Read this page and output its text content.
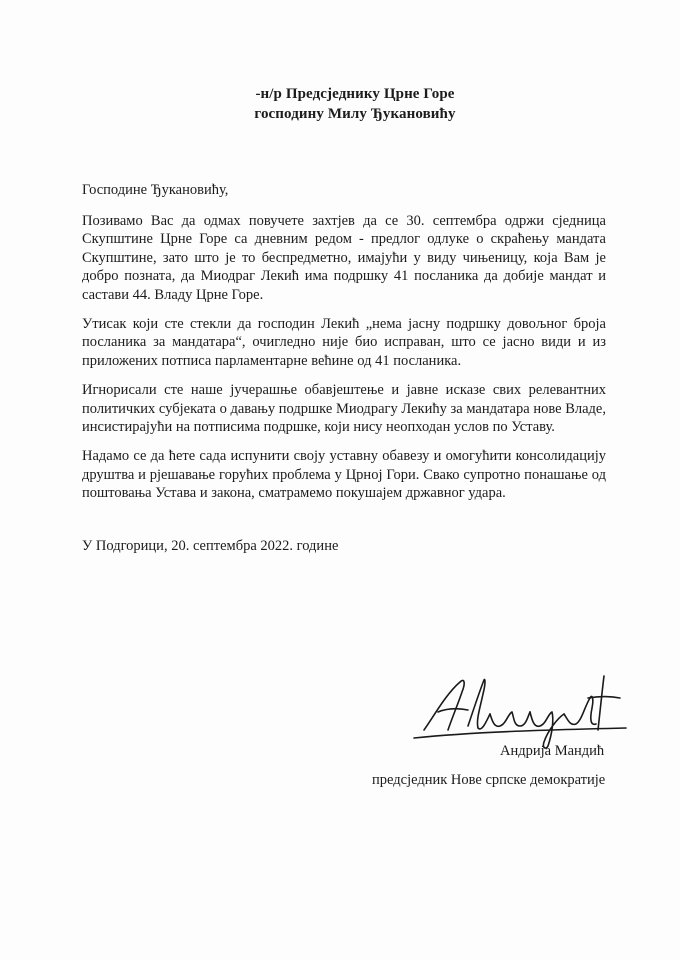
-н/р Предсједнику Црне Горе
господину Милу Ђукановићу
Господине Ђукановићу,

Позивамо Вас да одмах повучете захтјев да се 30. септембра одржи сједница Скупштине Црне Горе са дневним редом - предлог одлуке о скраћењу мандата Скупштине, зато што је то беспредметно, имајући у виду чињеницу, која Вам је добро позната, да Миодраг Лекић има подршку 41 посланика да добије мандат и састави 44. Владу Црне Горе.

Утисак који сте стекли да господин Лекић „нема јасну подршку довољног броја посланика за мандатара“, очигледно није био исправан, што се јасно види и из приложених потписа парламентарне већине од 41 посланика.

Игнорисали сте наше јучерашње обавјештење и јавне исказе свих релевантних политичких субјеката о давању подршке Миодрагу Лекићу за мандатара нове Владе, инсистирајући на потписима подршке, који нису неопходан услов по Уставу.

Надамо се да ћете сада испунити своју уставну обавезу и омогућити консолидацију друштва и рјешавање горућих проблема у Црној Гори. Свако супротно понашање од поштовања Устава и закона, сматрамемо покушајем државног удара.

У Подгорици, 20. септембра 2022. године
Андрија Мандић
предсједник Нове српске демократије
